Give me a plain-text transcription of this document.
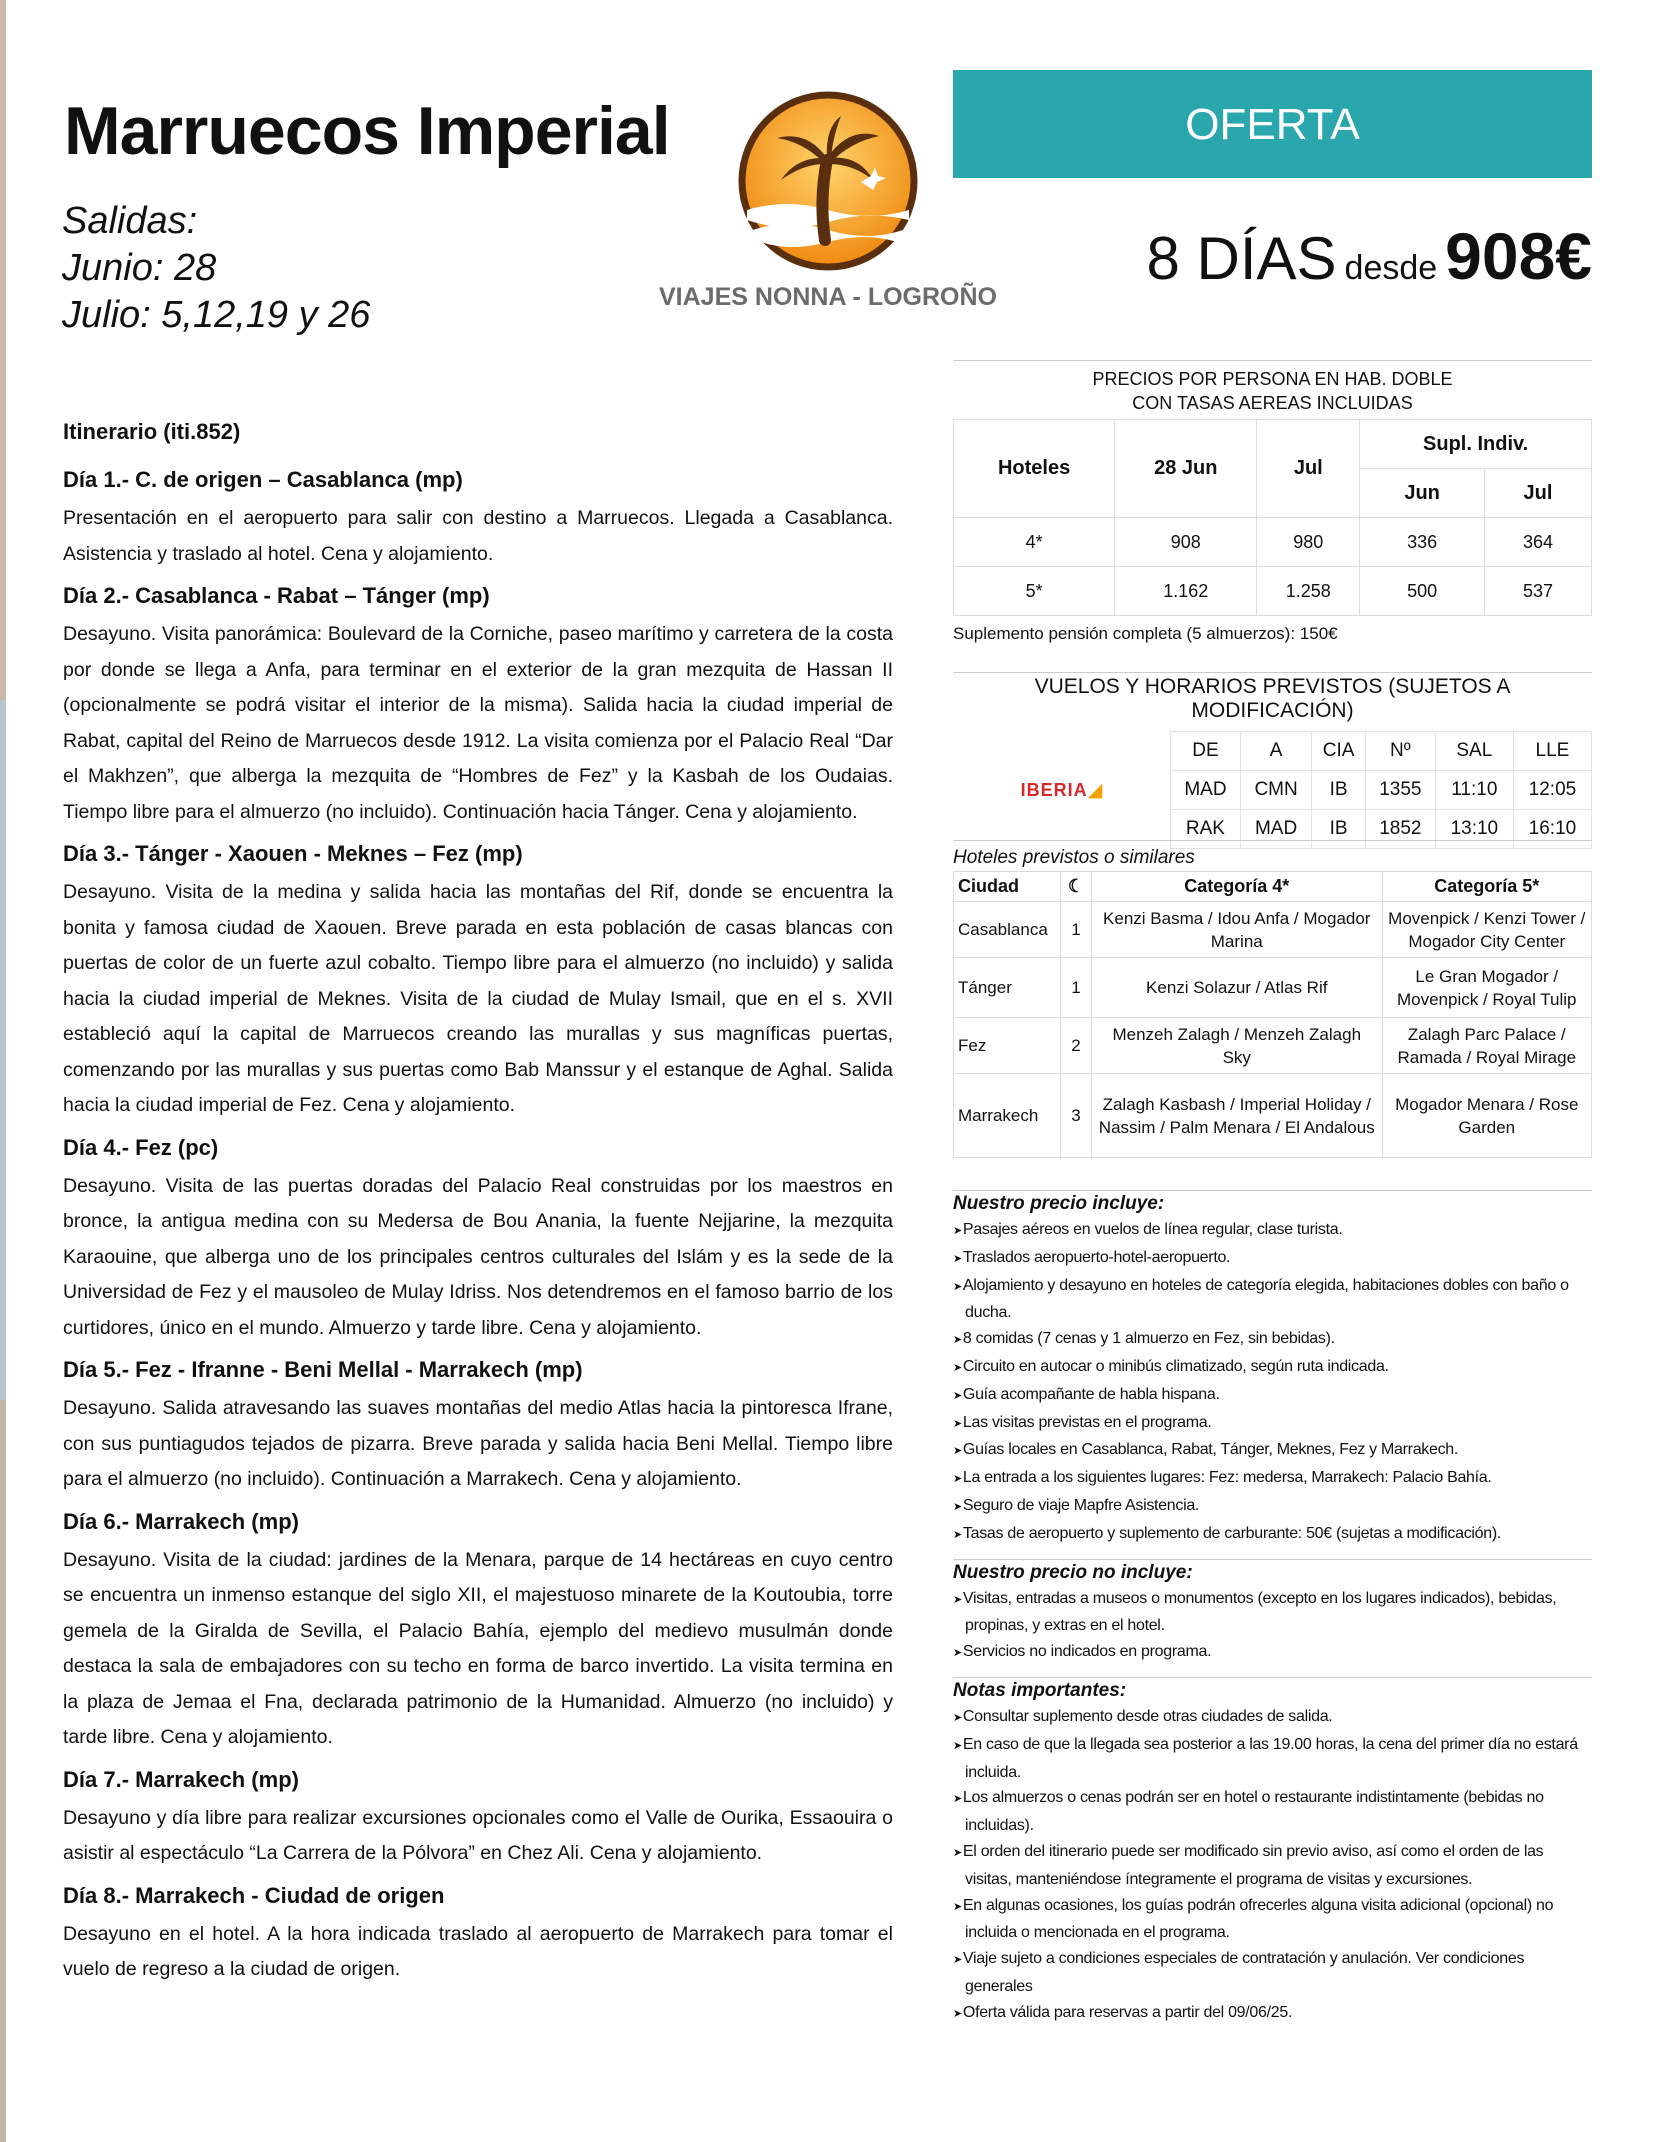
Marruecos Imperial
Salidas:
Junio: 28
Julio: 5,12,19 y 26	VIAJES NONNA - LOGROÑO
OFERTA
8 DÍAS desde 908€
Itinerario (iti.852)
Día 1.- C. de origen – Casablanca (mp)

Presentación en el aeropuerto para salir con destino a Marruecos. Llegada a Casablanca. Asistencia y traslado al hotel. Cena y alojamiento.

Día 2.- Casablanca - Rabat – Tánger (mp)

Desayuno. Visita panorámica: Boulevard de la Corniche, paseo marítimo y carretera de la costa por donde se llega a Anfa, para terminar en el exterior de la gran mezquita de Hassan II (opcionalmente se podrá visitar el interior de la misma). Salida hacia la ciudad imperial de Rabat, capital del Reino de Marruecos desde 1912. La visita comienza por el Palacio Real “Dar el Makhzen”, que alberga la mezquita de “Hombres de Fez” y la Kasbah de los Oudaias. Tiempo libre para el almuerzo (no incluido). Continuación hacia Tánger. Cena y alojamiento.

Día 3.- Tánger - Xaouen - Meknes – Fez (mp)

Desayuno. Visita de la medina y salida hacia las montañas del Rif, donde se encuentra la bonita y famosa ciudad de Xaouen. Breve parada en esta población de casas blancas con puertas de color de un fuerte azul cobalto. Tiempo libre para el almuerzo (no incluido) y salida hacia la ciudad imperial de Meknes. Visita de la ciudad de Mulay Ismail, que en el s. XVII estableció aquí la capital de Marruecos creando las murallas y sus magníficas puertas, comenzando por las murallas y sus puertas como Bab Manssur y el estanque de Aghal. Salida hacia la ciudad imperial de Fez. Cena y alojamiento.

Día 4.- Fez (pc)

Desayuno. Visita de las puertas doradas del Palacio Real construidas por los maestros en bronce, la antigua medina con su Medersa de Bou Anania, la fuente Nejjarine, la mezquita Karaouine, que alberga uno de los principales centros culturales del Islám y es la sede de la Universidad de Fez y el mausoleo de Mulay Idriss. Nos detendremos en el famoso barrio de los curtidores, único en el mundo. Almuerzo y tarde libre. Cena y alojamiento.

Día 5.- Fez - Ifranne - Beni Mellal - Marrakech (mp)

Desayuno. Salida atravesando las suaves montañas del medio Atlas hacia la pintoresca Ifrane, con sus puntiagudos tejados de pizarra. Breve parada y salida hacia Beni Mellal. Tiempo libre para el almuerzo (no incluido). Continuación a Marrakech. Cena y alojamiento.

Día 6.- Marrakech (mp)

Desayuno. Visita de la ciudad: jardines de la Menara, parque de 14 hectáreas en cuyo centro se encuentra un inmenso estanque del siglo XII, el majestuoso minarete de la Koutoubia, torre gemela de la Giralda de Sevilla, el Palacio Bahía, ejemplo del medievo musulmán donde destaca la sala de embajadores con su techo en forma de barco invertido. La visita termina en la plaza de Jemaa el Fna, declarada patrimonio de la Humanidad. Almuerzo (no incluido) y tarde libre. Cena y alojamiento.

Día 7.- Marrakech (mp)

Desayuno y día libre para realizar excursiones opcionales como el Valle de Ourika, Essaouira o asistir al espectáculo “La Carrera de la Pólvora” en Chez Ali. Cena y alojamiento.

Día 8.- Marrakech - Ciudad de origen

Desayuno en el hotel. A la hora indicada traslado al aeropuerto de Marrakech para tomar el vuelo de regreso a la ciudad de origen.

PRECIOS POR PERSONA EN HAB. DOBLE
CON TASAS AEREAS INCLUIDAS
Hoteles	28 Jun	Jul	Supl. Indiv.	
			Jun	Jul
4*	908	980	336	364
5*	1.162	1.258	500	537
Suplemento pensión completa (5 almuerzos): 150€
VUELOS Y HORARIOS PREVISTOS (SUJETOS A MODIFICACIÓN)
IBERIA◢	DE	A	CIA	Nº	SAL	LLE
	MAD	CMN	IB	1355	11:10	12:05
	RAK	MAD	IB	1852	13:10	16:10
Hoteles previstos o similares
Ciudad	☾	Categoría 4*	Categoría 5*
Casablanca	1	Kenzi Basma / Idou Anfa / Mogador Marina	Movenpick / Kenzi Tower / Mogador City Center
Tánger	1	Kenzi Solazur / Atlas Rif	Le Gran Mogador / Movenpick / Royal Tulip
Fez	2	Menzeh Zalagh / Menzeh Zalagh Sky	Zalagh Parc Palace / Ramada / Royal Mirage
Marrakech	3	Zalagh Kasbash / Imperial Holiday / Nassim / Palm Menara / El Andalous	Mogador Menara / Rose Garden
Nuestro precio incluye:
➤ Pasajes aéreos en vuelos de línea regular, clase turista.
➤ Traslados aeropuerto-hotel-aeropuerto.
➤ Alojamiento y desayuno en hoteles de categoría elegida, habitaciones dobles con baño o ducha.
➤ 8 comidas (7 cenas y 1 almuerzo en Fez, sin bebidas).
➤ Circuito en autocar o minibús climatizado, según ruta indicada.
➤ Guía acompañante de habla hispana.
➤ Las visitas previstas en el programa.
➤ Guías locales en Casablanca, Rabat, Tánger, Meknes, Fez y Marrakech.
➤ La entrada a los siguientes lugares: Fez: medersa, Marrakech: Palacio Bahía.
➤ Seguro de viaje Mapfre Asistencia.
➤ Tasas de aeropuerto y suplemento de carburante: 50€ (sujetas a modificación).
Nuestro precio no incluye:
➤ Visitas, entradas a museos o monumentos (excepto en los lugares indicados), bebidas, propinas, y extras en el hotel.
➤ Servicios no indicados en programa.
Notas importantes:
➤ Consultar suplemento desde otras ciudades de salida.
➤ En caso de que la llegada sea posterior a las 19.00 horas, la cena del primer día no estará incluida.
➤ Los almuerzos o cenas podrán ser en hotel o restaurante indistintamente (bebidas no incluidas).
➤ El orden del itinerario puede ser modificado sin previo aviso, así como el orden de las visitas, manteniéndose íntegramente el programa de visitas y excursiones.
➤ En algunas ocasiones, los guías podrán ofrecerles alguna visita adicional (opcional) no incluida o mencionada en el programa.
➤ Viaje sujeto a condiciones especiales de contratación y anulación. Ver condiciones generales
➤ Oferta válida para reservas a partir del 09/06/25.
